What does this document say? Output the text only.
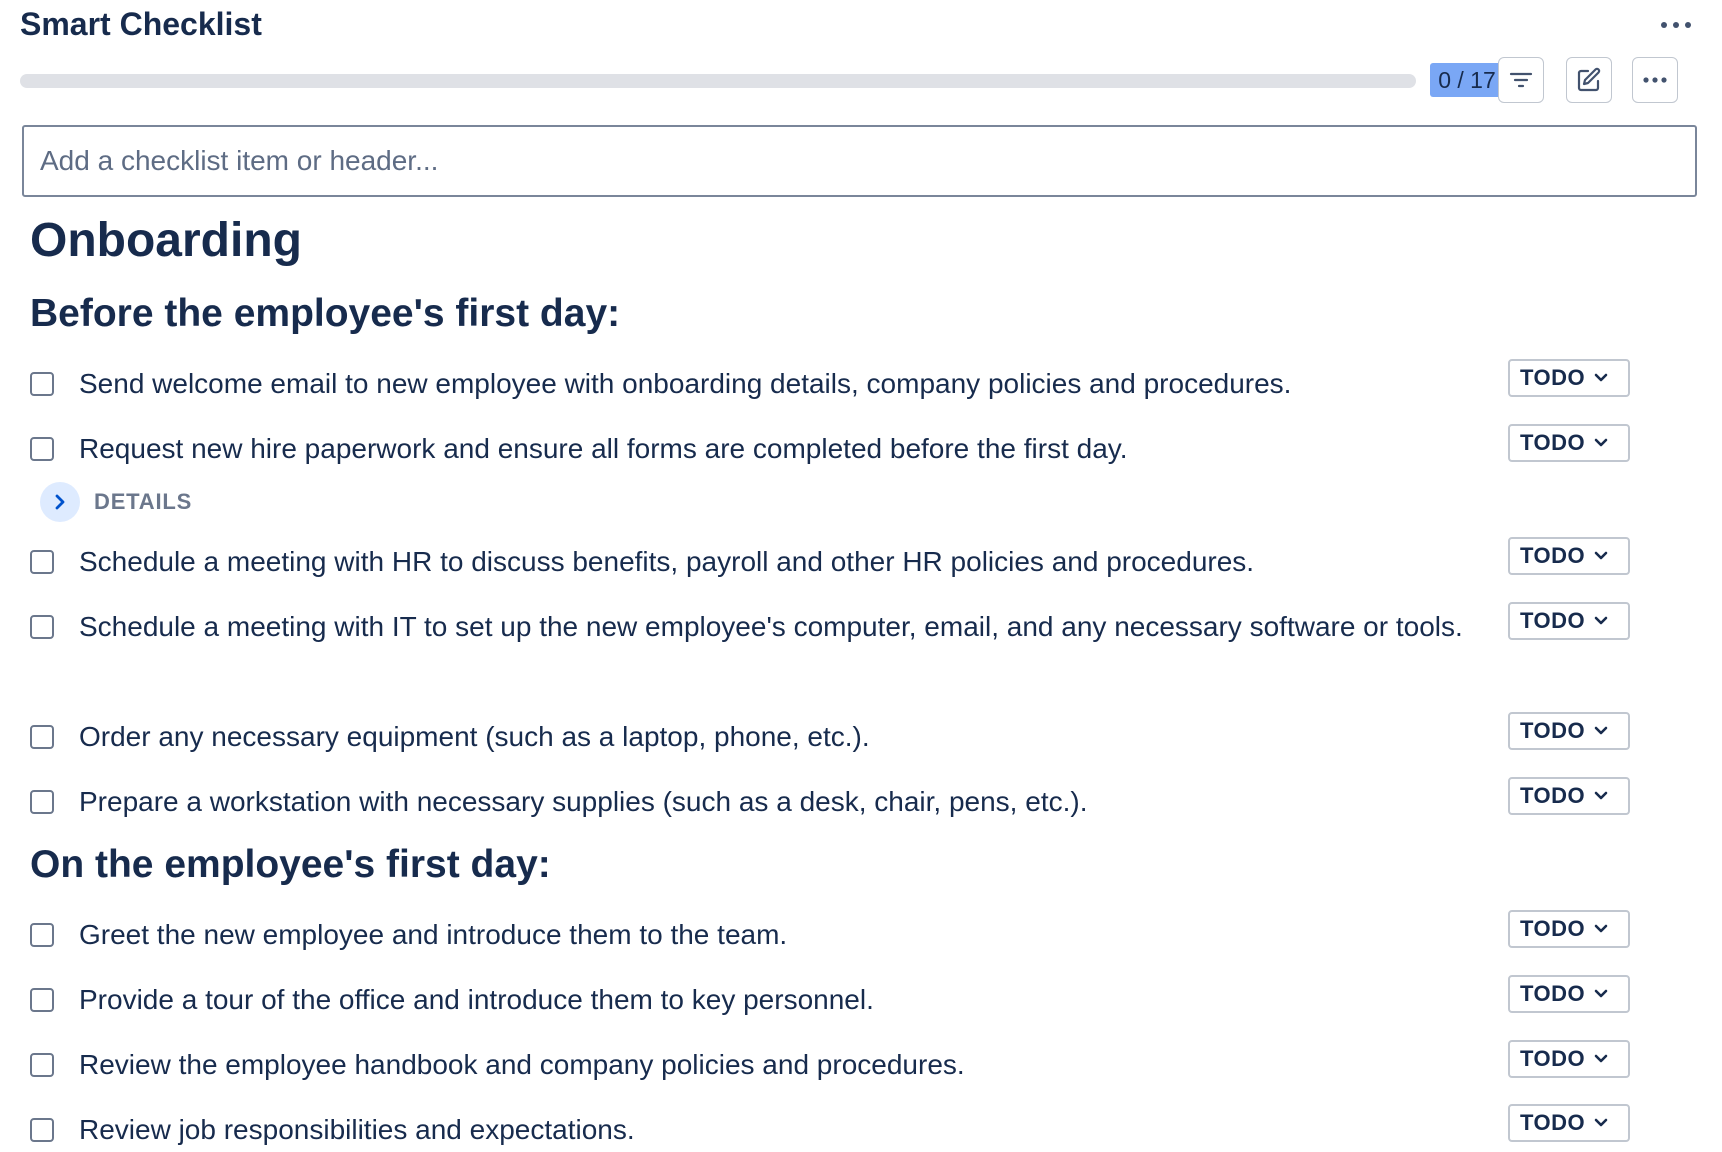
Smart Checklist
0 / 17
Add a checklist item or header...
Onboarding
Before the employee's first day:
Send welcome email to new employee with onboarding details, company policies and procedures.	TODO
Request new hire paperwork and ensure all forms are completed before the first day.	TODO
DETAILS
Schedule a meeting with HR to discuss benefits, payroll and other HR policies and procedures.	TODO
Schedule a meeting with IT to set up the new employee's computer, email, and any necessary software or tools.	TODO
Order any necessary equipment (such as a laptop, phone, etc.).	TODO
Prepare a workstation with necessary supplies (such as a desk, chair, pens, etc.).	TODO
On the employee's first day:
Greet the new employee and introduce them to the team.	TODO
Provide a tour of the office and introduce them to key personnel.	TODO
Review the employee handbook and company policies and procedures.	TODO
Review job responsibilities and expectations.	TODO
